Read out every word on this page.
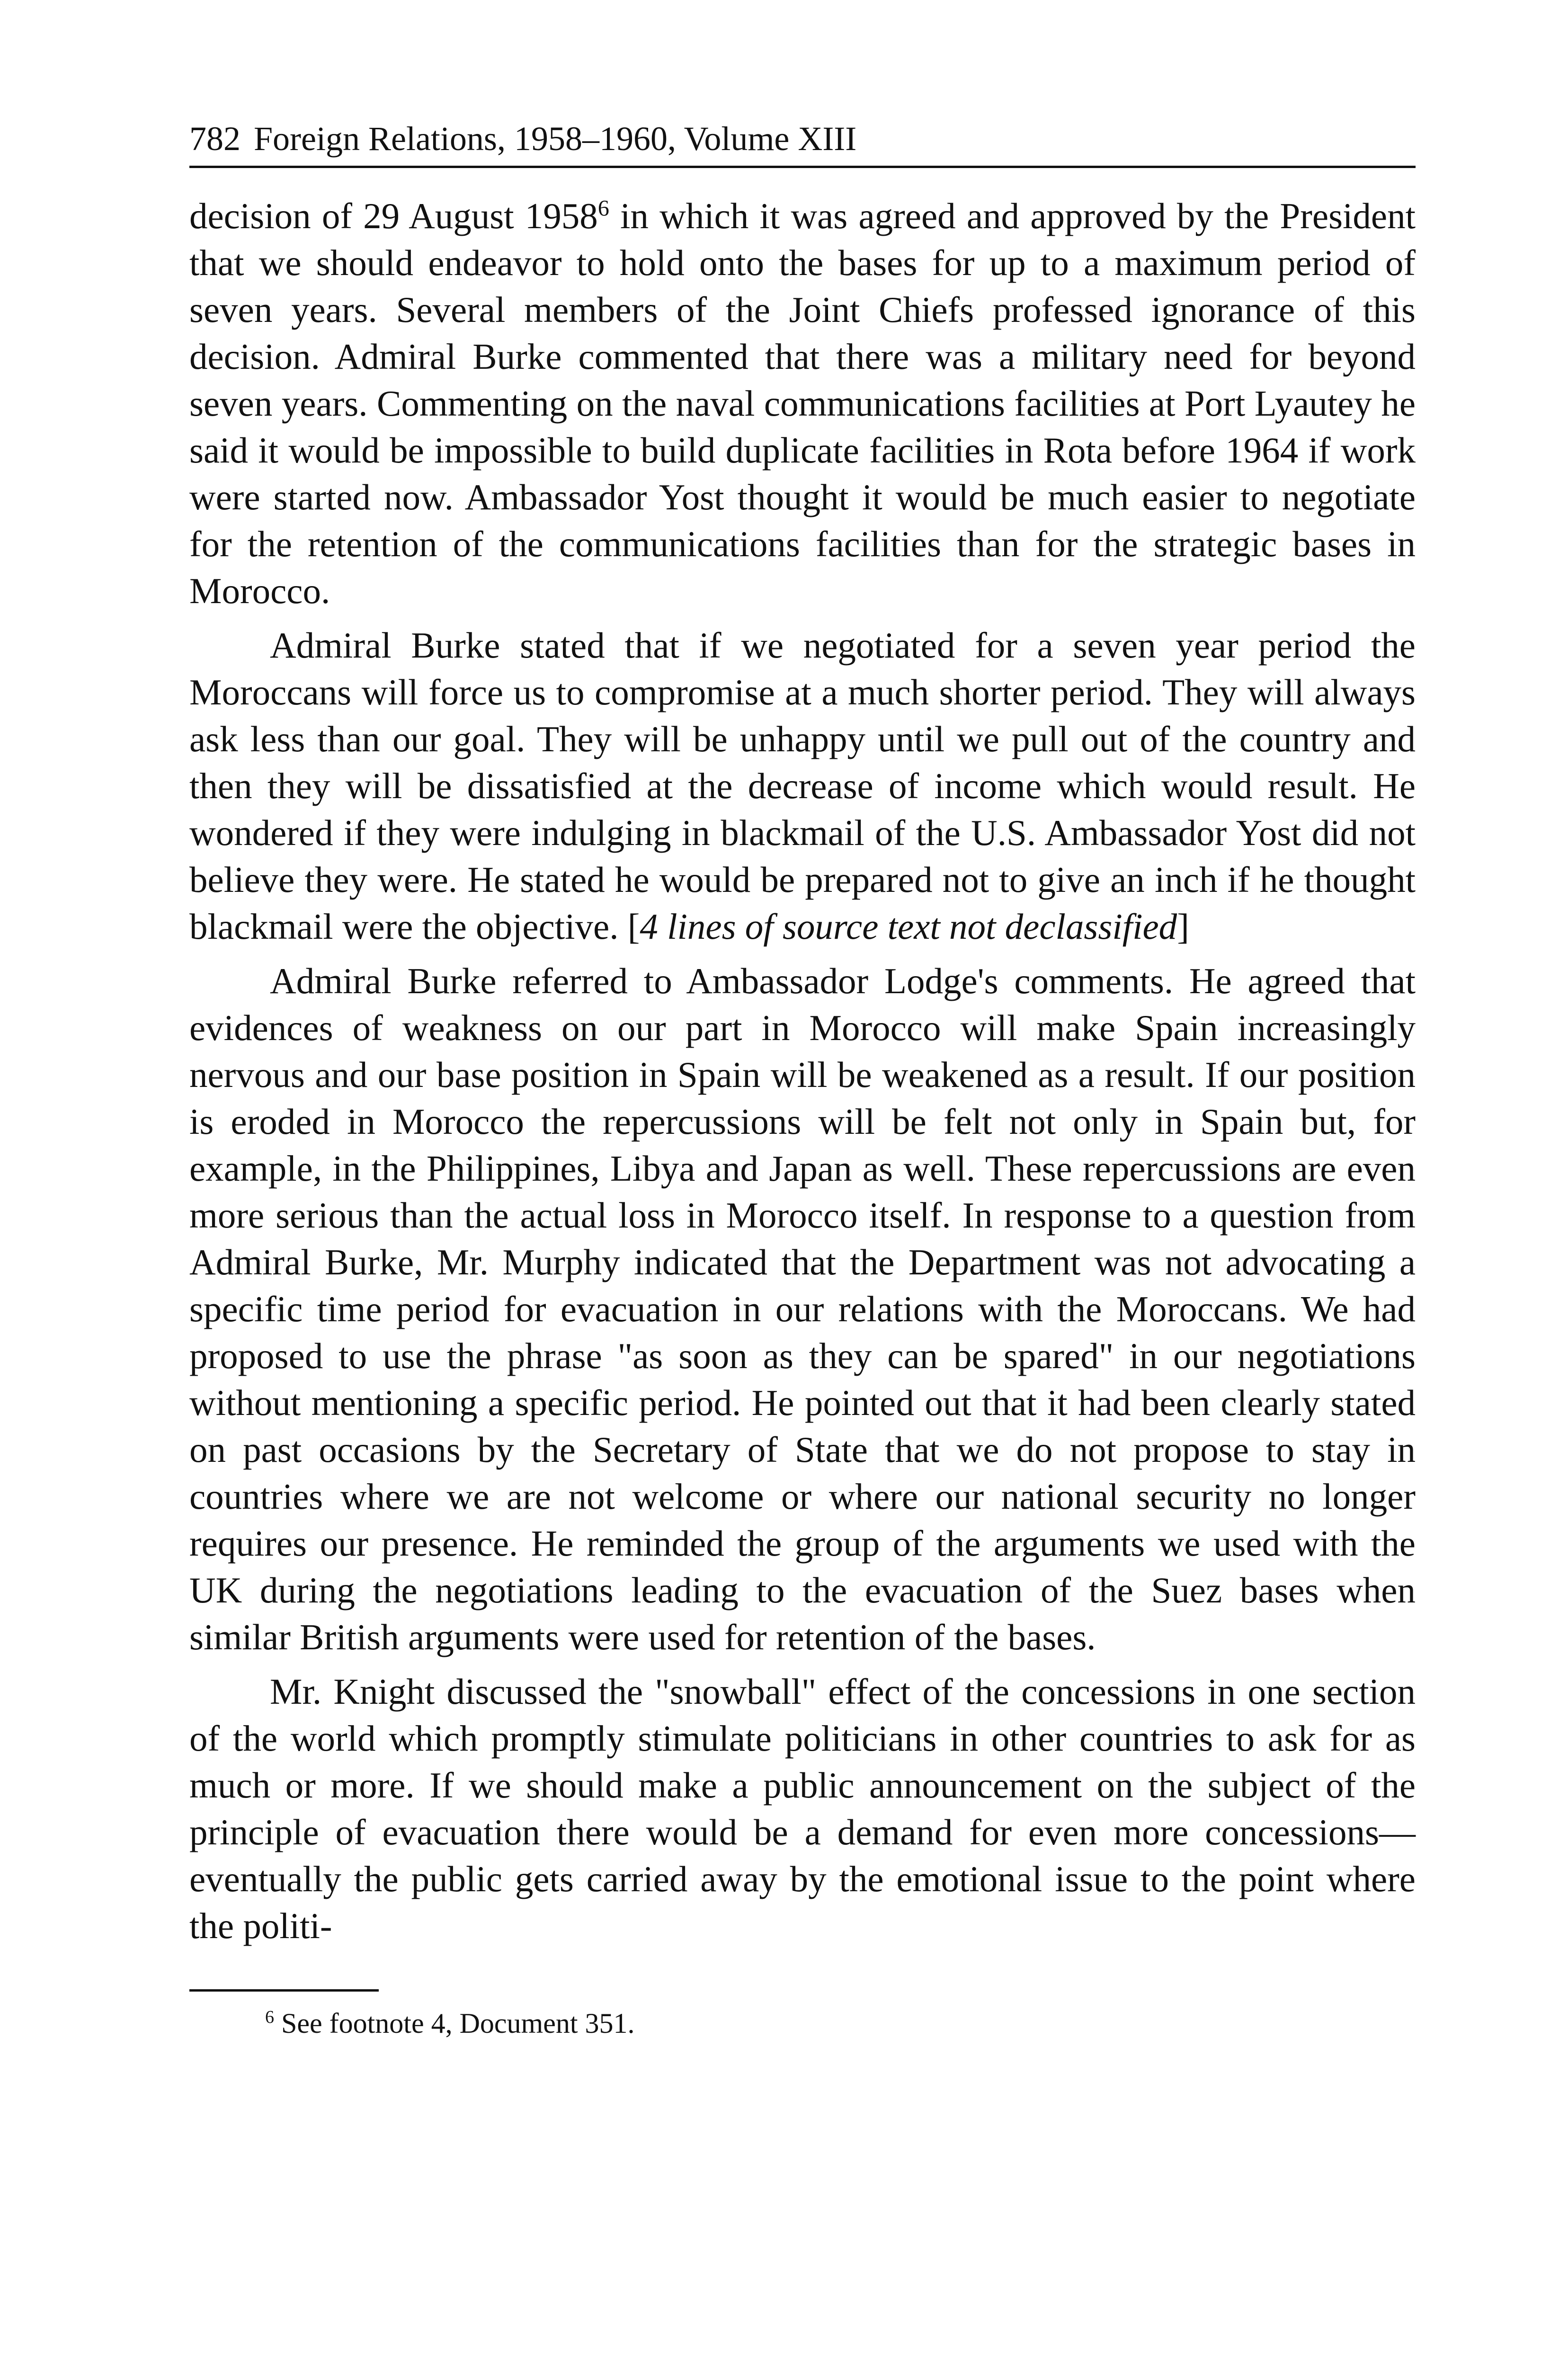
782 Foreign Relations, 1958–1960, Volume XIII

decision of 29 August 1958$^6$ in which it was agreed and approved by the President that we should endeavor to hold onto the bases for up to a maximum period of seven years. Several members of the Joint Chiefs professed ignorance of this decision. Admiral Burke commented that there was a military need for beyond seven years. Commenting on the naval communications facilities at Port Lyautey he said it would be impossible to build duplicate facilities in Rota before 1964 if work were started now. Ambassador Yost thought it would be much easier to negotiate for the retention of the communications facilities than for the strategic bases in Morocco.

Admiral Burke stated that if we negotiated for a seven year period the Moroccans will force us to compromise at a much shorter period. They will always ask less than our goal. They will be unhappy until we pull out of the country and then they will be dissatisfied at the decrease of income which would result. He wondered if they were indulging in blackmail of the U.S. Ambassador Yost did not believe they were. He stated he would be prepared not to give an inch if he thought blackmail were the objective. [4 lines of source text not declassified]

Admiral Burke referred to Ambassador Lodge's comments. He agreed that evidences of weakness on our part in Morocco will make Spain increasingly nervous and our base position in Spain will be weakened as a result. If our position is eroded in Morocco the repercussions will be felt not only in Spain but, for example, in the Philippines, Libya and Japan as well. These repercussions are even more serious than the actual loss in Morocco itself. In response to a question from Admiral Burke, Mr. Murphy indicated that the Department was not advocating a specific time period for evacuation in our relations with the Moroccans. We had proposed to use the phrase "as soon as they can be spared" in our negotiations without mentioning a specific period. He pointed out that it had been clearly stated on past occasions by the Secretary of State that we do not propose to stay in countries where we are not welcome or where our national security no longer requires our presence. He reminded the group of the arguments we used with the UK during the negotiations leading to the evacuation of the Suez bases when similar British arguments were used for retention of the bases.

Mr. Knight discussed the "snowball" effect of the concessions in one section of the world which promptly stimulate politicians in other countries to ask for as much or more. If we should make a public announcement on the subject of the principle of evacuation there would be a demand for even more concessions—eventually the public gets carried away by the emotional issue to the point where the politi-

$^6$ See footnote 4, Document 351.
